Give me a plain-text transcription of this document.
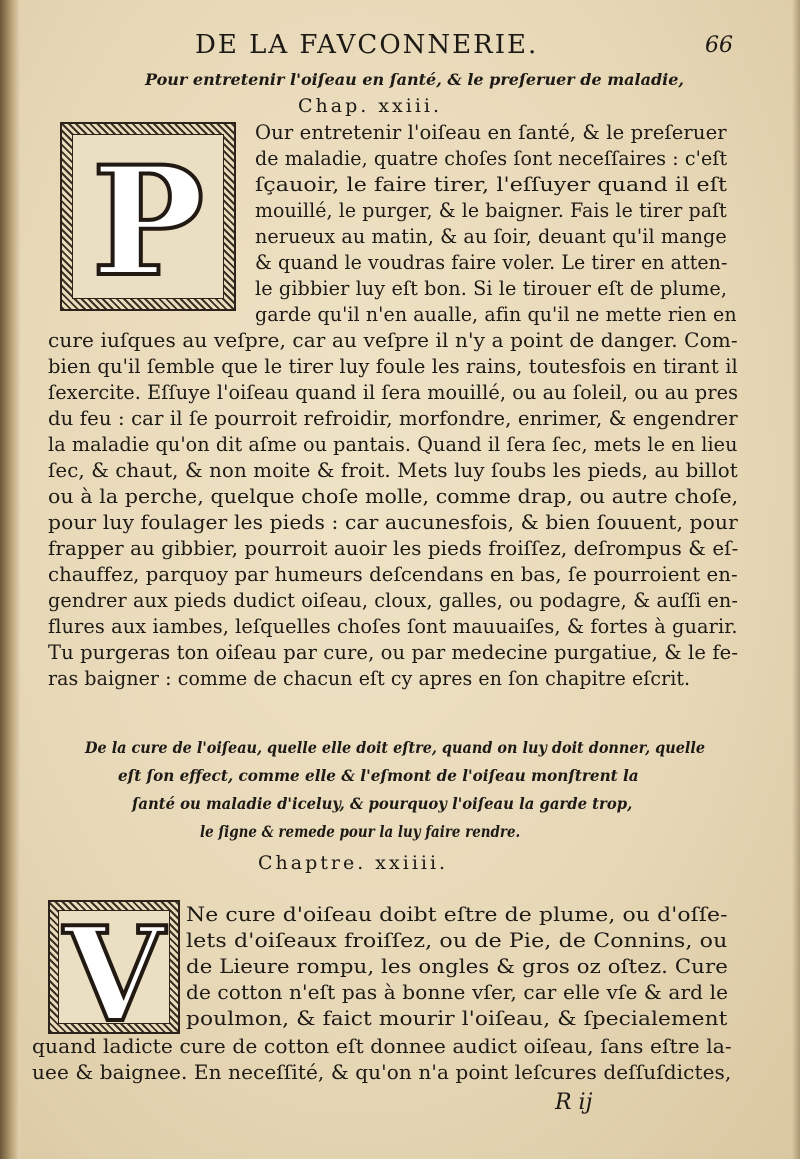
DE LA FAVCONNERIE.	66
Pour entretenir l'oiſeau en ſanté, & le preſeruer de maladie,
Chap. xxiii.
P
Our entretenir l'oiſeau en ſanté, & le preſeruer
de maladie, quatre choſes ſont neceſſaires : c'eſt
ſçauoir, le faire tirer, l'eſſuyer quand il eſt
mouillé, le purger, & le baigner. Fais le tirer paſt
nerueux au matin, & au ſoir, deuant qu'il mange
& quand le voudras faire voler. Le tirer en atten-
le gibbier luy eſt bon. Si le tirouer eſt de plume,
garde qu'il n'en aualle, afin qu'il ne mette rien en
cure iuſques au veſpre, car au veſpre il n'y a point de danger. Com-
bien qu'il ſemble que le tirer luy foule les rains, toutesfois en tirant il
ſexercite. Eſſuye l'oiſeau quand il ſera mouillé, ou au ſoleil, ou au pres
du feu : car il ſe pourroit refroidir, morfondre, enrimer, & engendrer
la maladie qu'on dit aſme ou pantais. Quand il ſera ſec, mets le en lieu
ſec, & chaut, & non moite & froit. Mets luy ſoubs les pieds, au billot
ou à la perche, quelque choſe molle, comme drap, ou autre choſe,
pour luy foulager les pieds : car aucunesfois, & bien ſouuent, pour
frapper au gibbier, pourroit auoir les pieds froiſſez, deſrompus & eſ-
chauffez, parquoy par humeurs deſcendans en bas, ſe pourroient en-
gendrer aux pieds dudict oiſeau, cloux, galles, ou podagre, & auſſi en-
flures aux iambes, leſquelles choſes ſont mauuaiſes, & fortes à guarir.
Tu purgeras ton oiſeau par cure, ou par medecine purgatiue, & le fe-
ras baigner : comme de chacun eſt cy apres en ſon chapitre eſcrit.
De la cure de l'oiſeau, quelle elle doit eſtre, quand on luy doit donner, quelle
eſt ſon effect, comme elle & l'eſmont de l'oiſeau monſtrent la
ſanté ou maladie d'iceluy, & pourquoy l'oiſeau la garde trop,
le ſigne & remede pour la luy faire rendre.
Chaptre. xxiiii.
V Ne cure d'oiſeau doibt eſtre de plume, ou d'oſſe-
lets d'oiſeaux froiſſez, ou de Pie, de Connins, ou
de Lieure rompu, les ongles & gros oz oſtez. Cure
de cotton n'eſt pas à bonne vſer, car elle vſe & ard le
poulmon, & faict mourir l'oiſeau, & ſpecialement
quand ladicte cure de cotton eſt donnee audict oiſeau, ſans eſtre la-
uee & baignee. En neceſſité, & qu'on n'a point leſcures deſſuſdictes,
R ij
